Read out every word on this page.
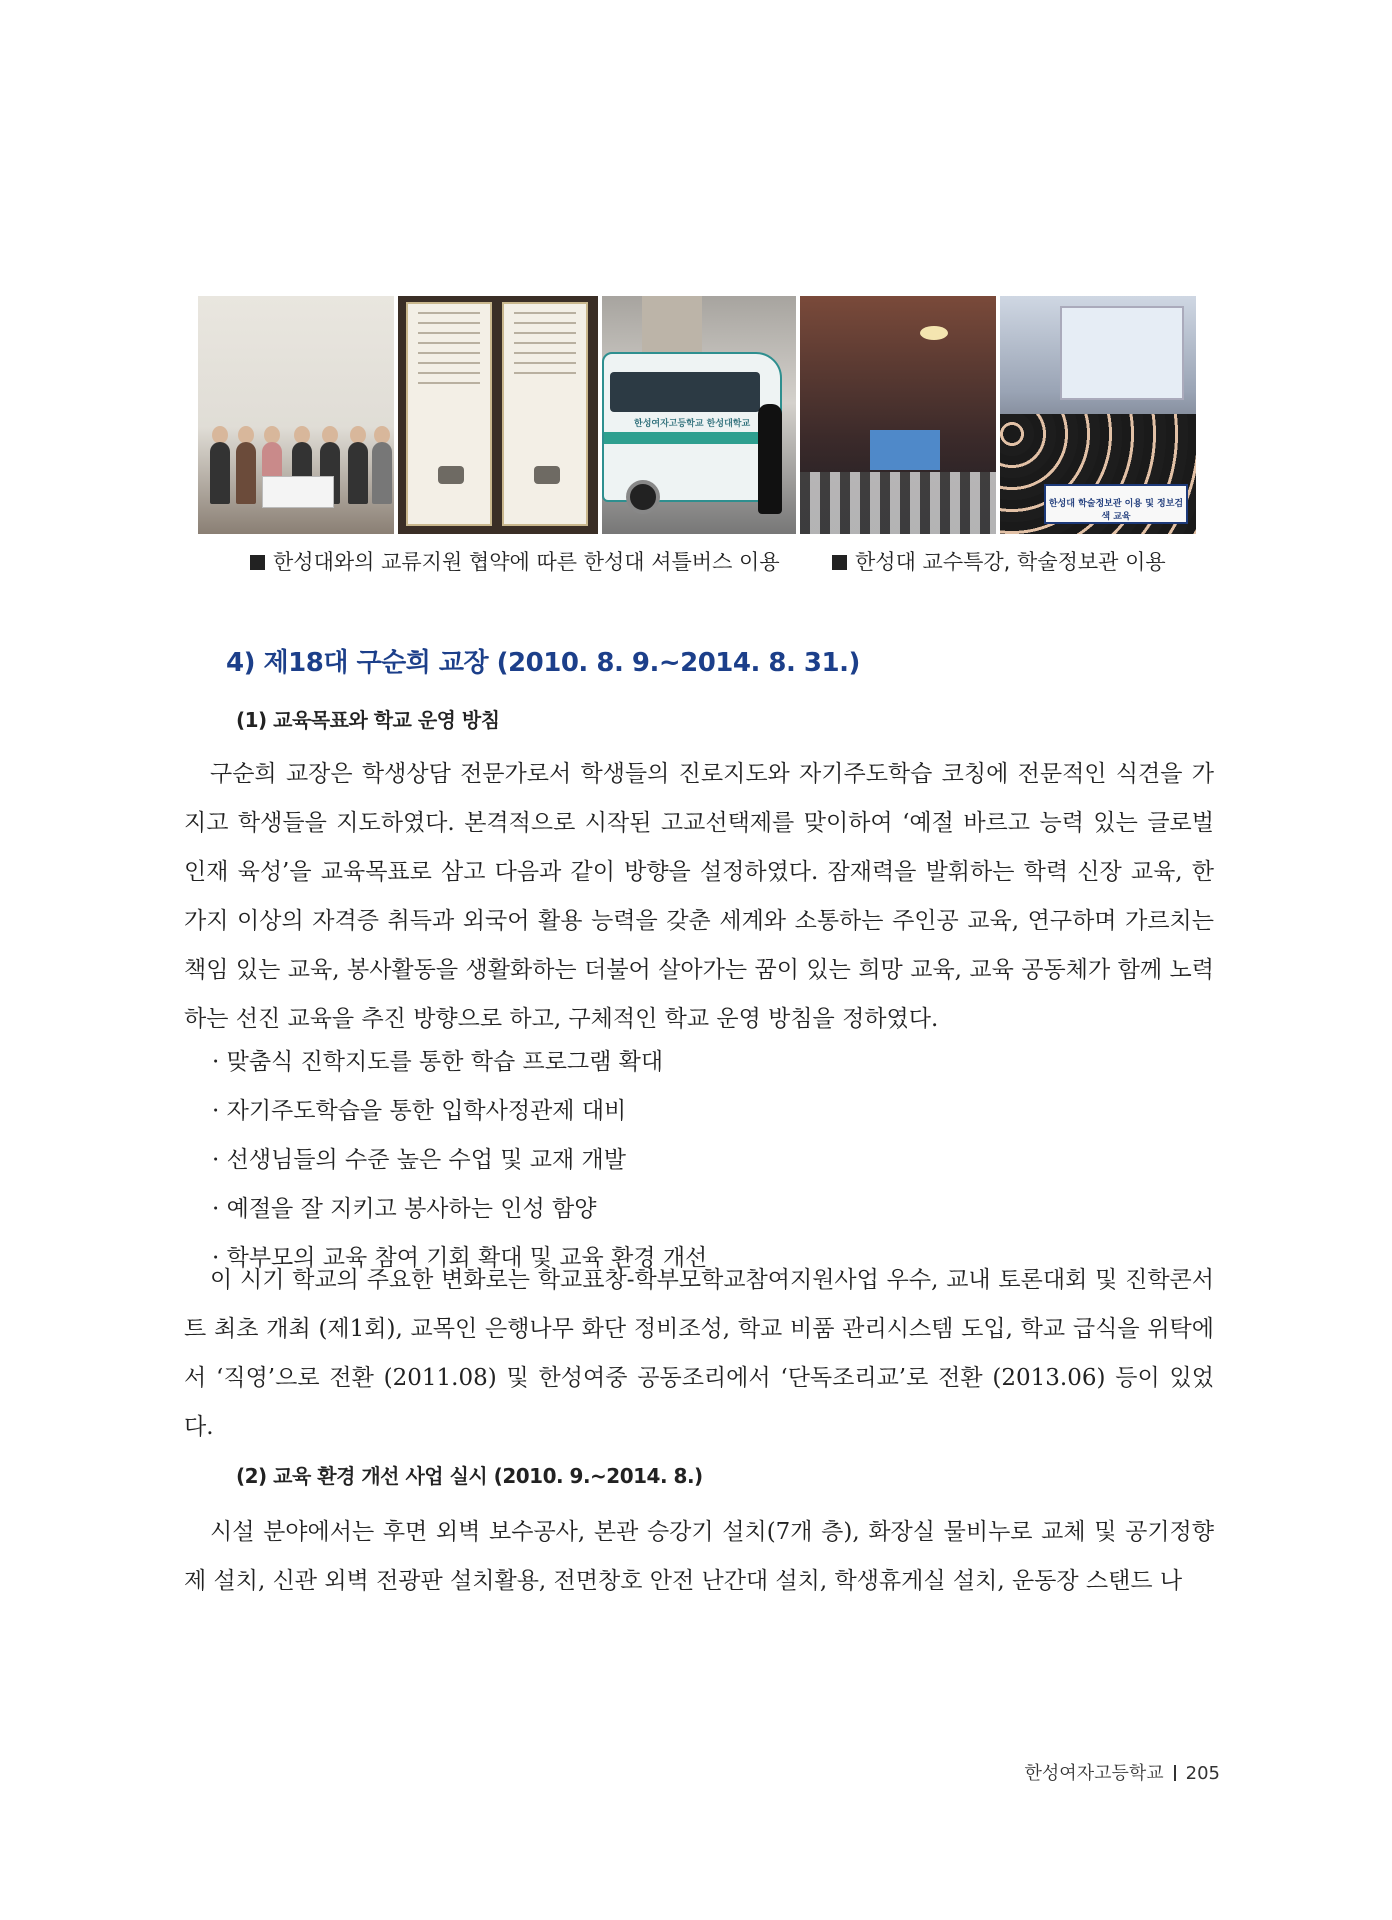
한성여자고등학교 한성대학교
한성대 학술정보관 이용 및 정보검색 교육
한성대와의 교류지원 협약에 따른 한성대 셔틀버스 이용	한성대 교수특강, 학술정보관 이용
4) 제18대 구순희 교장 (2010. 8. 9.~2014. 8. 31.)
(1) 교육목표와 학교 운영 방침

구순희 교장은 학생상담 전문가로서 학생들의 진로지도와 자기주도학습 코칭에 전문적인 식견을 가지고 학생들을 지도하였다. 본격적으로 시작된 고교선택제를 맞이하여 ‘예절 바르고 능력 있는 글로벌 인재 육성’을 교육목표로 삼고 다음과 같이 방향을 설정하였다. 잠재력을 발휘하는 학력 신장 교육, 한 가지 이상의 자격증 취득과 외국어 활용 능력을 갖춘 세계와 소통하는 주인공 교육, 연구하며 가르치는 책임 있는 교육, 봉사활동을 생활화하는 더불어 살아가는 꿈이 있는 희망 교육, 교육 공동체가 함께 노력하는 선진 교육을 추진 방향으로 하고, 구체적인 학교 운영 방침을 정하였다.

· 맞춤식 진학지도를 통한 학습 프로그램 확대
· 자기주도학습을 통한 입학사정관제 대비
· 선생님들의 수준 높은 수업 및 교재 개발
· 예절을 잘 지키고 봉사하는 인성 함양
· 학부모의 교육 참여 기회 확대 및 교육 환경 개선

이 시기 학교의 주요한 변화로는 학교표창-학부모학교참여지원사업 우수, 교내 토론대회 및 진학콘서트 최초 개최 (제1회), 교목인 은행나무 화단 정비조성, 학교 비품 관리시스템 도입, 학교 급식을 위탁에서 ‘직영’으로 전환 (2011.08) 및 한성여중 공동조리에서 ‘단독조리교’로 전환 (2013.06) 등이 있었다.

(2) 교육 환경 개선 사업 실시 (2010. 9.~2014. 8.)

시설 분야에서는 후면 외벽 보수공사, 본관 승강기 설치(7개 층), 화장실 물비누로 교체 및 공기정향제 설치, 신관 외벽 전광판 설치활용, 전면창호 안전 난간대 설치, 학생휴게실 설치, 운동장 스탠드 나

한성여자고등학교 205
